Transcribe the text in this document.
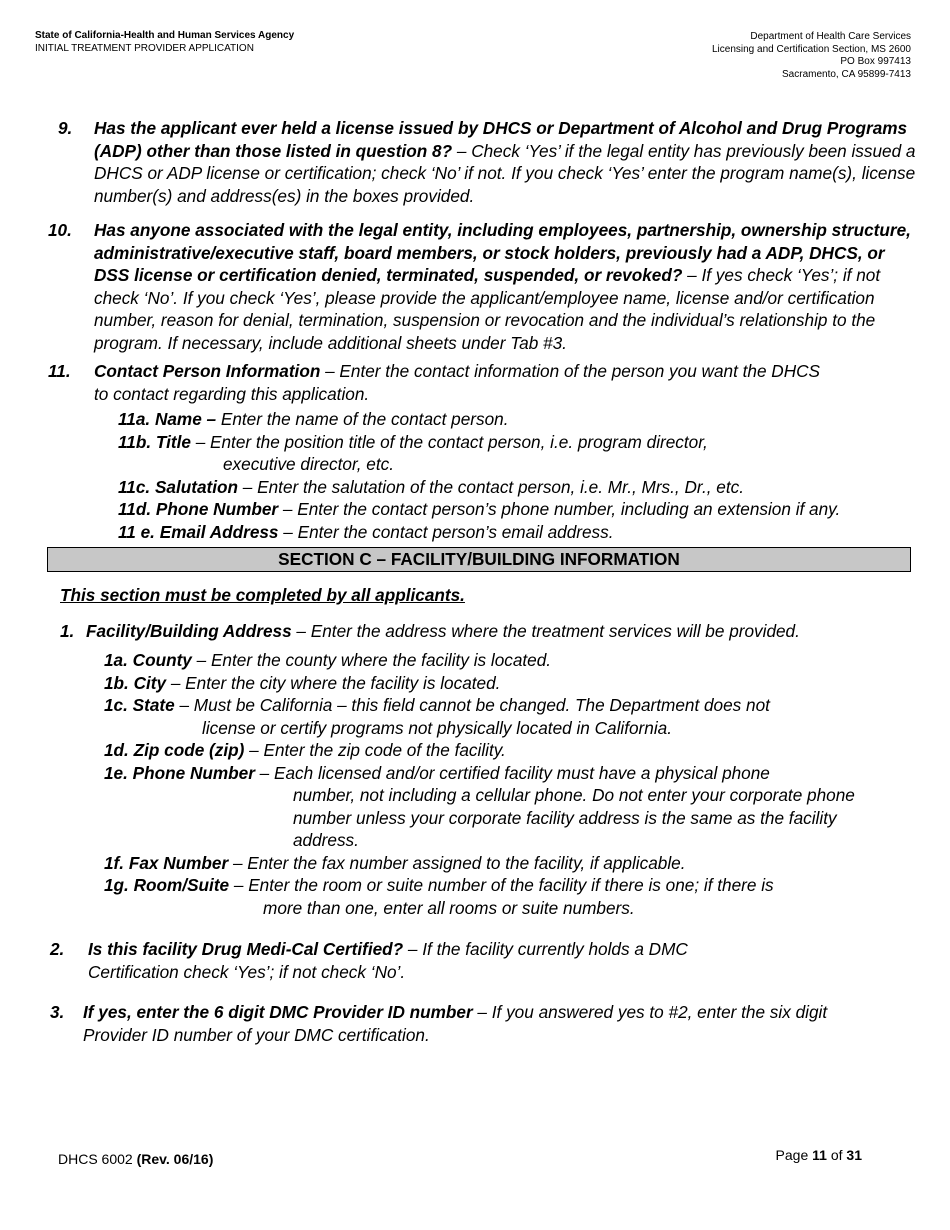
State of California-Health and Human Services Agency
INITIAL TREATMENT PROVIDER APPLICATION
Department of Health Care Services
Licensing and Certification Section, MS 2600
PO Box 997413
Sacramento, CA 95899-7413
9. Has the applicant ever held a license issued by DHCS or Department of Alcohol and Drug Programs (ADP) other than those listed in question 8? – Check ‘Yes’ if the legal entity has previously been issued a DHCS or ADP license or certification; check ‘No’ if not. If you check ‘Yes’ enter the program name(s), license number(s) and address(es) in the boxes provided.
10. Has anyone associated with the legal entity, including employees, partnership, ownership structure, administrative/executive staff, board members, or stock holders, previously had a ADP, DHCS, or DSS license or certification denied, terminated, suspended, or revoked? – If yes check ‘Yes’; if not check ‘No’. If you check ‘Yes’, please provide the applicant/employee name, license and/or certification number, reason for denial, termination, suspension or revocation and the individual’s relationship to the program. If necessary, include additional sheets under Tab #3.
11. Contact Person Information – Enter the contact information of the person you want the DHCS to contact regarding this application.
11a. Name – Enter the name of the contact person.
11b. Title – Enter the position title of the contact person, i.e. program director,
executive director, etc.
11c. Salutation – Enter the salutation of the contact person, i.e. Mr., Mrs., Dr., etc.
11d. Phone Number – Enter the contact person’s phone number, including an extension if any.
11 e. Email Address – Enter the contact person’s email address.
SECTION C – FACILITY/BUILDING INFORMATION
This section must be completed by all applicants.
1. Facility/Building Address – Enter the address where the treatment services will be provided.
1a. County – Enter the county where the facility is located.
1b. City – Enter the city where the facility is located.
1c. State – Must be California – this field cannot be changed. The Department does not
license or certify programs not physically located in California.
1d. Zip code (zip) – Enter the zip code of the facility.
1e. Phone Number – Each licensed and/or certified facility must have a physical phone
number, not including a cellular phone. Do not enter your corporate phone number unless your corporate facility address is the same as the facility address.
1f. Fax Number – Enter the fax number assigned to the facility, if applicable.
1g. Room/Suite – Enter the room or suite number of the facility if there is one; if there is
more than one, enter all rooms or suite numbers.
2. Is this facility Drug Medi-Cal Certified? – If the facility currently holds a DMC Certification check ‘Yes’; if not check ‘No’.
3. If yes, enter the 6 digit DMC Provider ID number – If you answered yes to #2, enter the six digit Provider ID number of your DMC certification.
DHCS 6002 (Rev. 06/16)	Page 11 of 31
